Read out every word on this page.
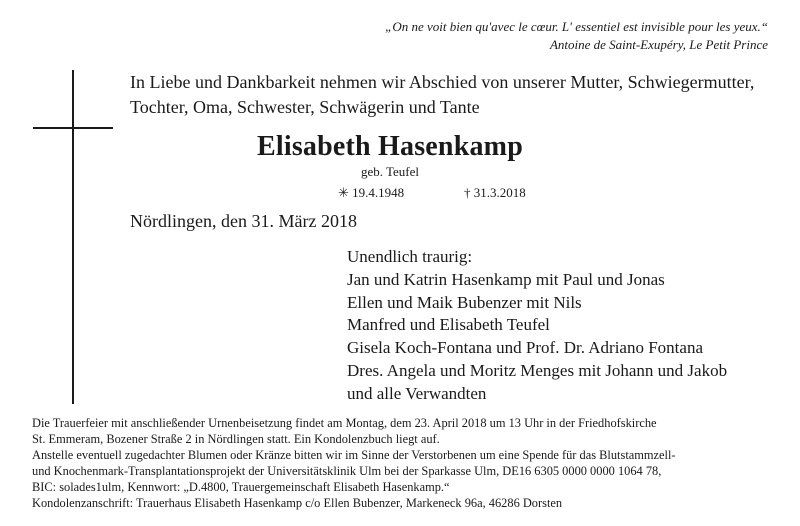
„On ne voit bien qu'avec le cœur. L' essentiel est invisible pour les yeux.“
Antoine de Saint-Exupéry, Le Petit Prince
In Liebe und Dankbarkeit nehmen wir Abschied von unserer Mutter, Schwiegermutter,
Tochter, Oma, Schwester, Schwägerin und Tante
Elisabeth Hasenkamp
geb. Teufel
✳ 19.4.1948	† 31.3.2018
Nördlingen, den 31. März 2018
Unendlich traurig:
Jan und Katrin Hasenkamp mit Paul und Jonas
Ellen und Maik Bubenzer mit Nils
Manfred und Elisabeth Teufel
Gisela Koch-Fontana und Prof. Dr. Adriano Fontana
Dres. Angela und Moritz Menges mit Johann und Jakob
und alle Verwandten
Die Trauerfeier mit anschließender Urnenbeisetzung findet am Montag, dem 23. April 2018 um 13 Uhr in der Friedhofskirche
St. Emmeram, Bozener Straße 2 in Nördlingen statt. Ein Kondolenzbuch liegt auf.
Anstelle eventuell zugedachter Blumen oder Kränze bitten wir im Sinne der Verstorbenen um eine Spende für das Blutstammzell-
und Knochenmark-Transplantationsprojekt der Universitätsklinik Ulm bei der Sparkasse Ulm, DE16 6305 0000 0000 1064 78,
BIC: solades1ulm, Kennwort: „D.4800, Trauergemeinschaft Elisabeth Hasenkamp.“
Kondolenzanschrift: Trauerhaus Elisabeth Hasenkamp c/o Ellen Bubenzer, Markeneck 96a, 46286 Dorsten
